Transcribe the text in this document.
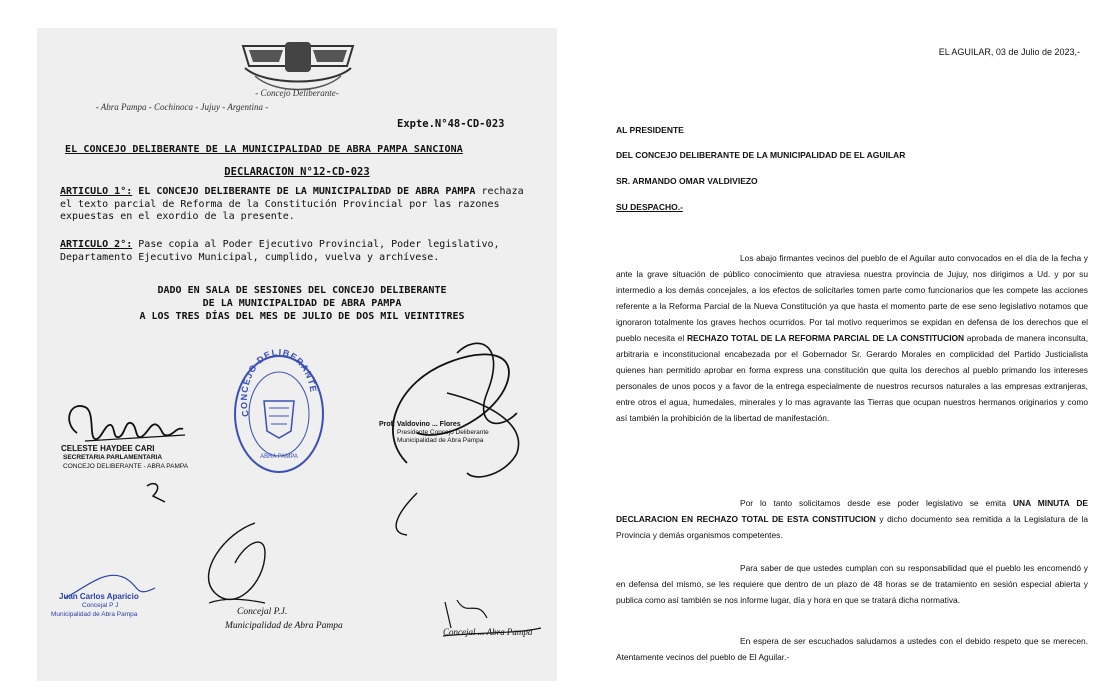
- Concejo Deliberante-
- Abra Pampa - Cochinoca - Jujuy - Argentina -
Expte.N°48-CD-023
EL CONCEJO DELIBERANTE DE LA MUNICIPALIDAD DE ABRA PAMPA SANCIONA
DECLARACION N°12-CD-023
ARTICULO 1°: EL CONCEJO DELIBERANTE DE LA MUNICIPALIDAD DE ABRA PAMPA rechaza el texto parcial de Reforma de la Constitución Provincial por las razones expuestas en el exordio de la presente.
ARTICULO 2°: Pase copia al Poder Ejecutivo Provincial, Poder legislativo, Departamento Ejecutivo Municipal, cumplido, vuelva y archívese.
DADO EN SALA DE SESIONES DEL CONCEJO DELIBERANTE
DE LA MUNICIPALIDAD DE ABRA PAMPA
A LOS TRES DÍAS DEL MES DE JULIO DE DOS MIL VEINTITRES
CONCEJO DELIBERANTE
ABRA PAMPA
CELESTE HAYDEE CARI
SECRETARIA PARLAMENTARIA
CONCEJO DELIBERANTE - ABRA PAMPA
Prof. Valdovino ... Flores
Presidente Concejo Deliberante
Municipalidad de Abra Pampa
Juan Carlos Aparicio
Concejal P J
Municipalidad de Abra Pampa	Concejal P.J.
Municipalidad de Abra Pampa
Concejal ... Abra Pampa
EL AGUILAR, 03 de Julio de 2023,-
AL PRESIDENTE
DEL CONCEJO DELIBERANTE DE LA MUNICIPALIDAD DE EL AGUILAR
SR. ARMANDO OMAR VALDIVIEZO
SU DESPACHO.-
Los abajo firmantes vecinos del pueblo de el Aguilar auto convocados en el día de la fecha y ante la grave situación de público conocimiento que atraviesa nuestra provincia de Jujuy, nos dirigimos a Ud. y por su intermedio a los demás concejales, a los efectos de solicitarles tomen parte como funcionarios que les compete las acciones referente a la Reforma Parcial de la Nueva Constitución ya que hasta el momento parte de ese seno legislativo notamos que ignoraron totalmente los graves hechos ocurridos. Por tal motivo requerimos se expidan en defensa de los derechos que el pueblo necesita el RECHAZO TOTAL DE LA REFORMA PARCIAL DE LA CONSTITUCION aprobada de manera inconsulta, arbitraria e inconstitucional encabezada por el Gobernador Sr. Gerardo Morales en complicidad del Partido Justicialista quienes han permitido aprobar en forma express una constitución que quita los derechos al pueblo primando los intereses personales de unos pocos y a favor de la entrega especialmente de nuestros recursos naturales a las empresas extranjeras, entre otros el agua, humedales, minerales y lo mas agravante las Tierras que ocupan nuestros hermanos originarios y como así también la prohibición de la libertad de manifestación.
Por lo tanto solicitamos desde ese poder legislativo se emita UNA MINUTA DE DECLARACION EN RECHAZO TOTAL DE ESTA CONSTITUCION y dicho documento sea remitida a la Legislatura de la Provincia y demás organismos competentes.
Para saber de que ustedes cumplan con su responsabilidad que el pueblo les encomendó y en defensa del mismo, se les requiere que dentro de un plazo de 48 horas se de tratamiento en sesión especial abierta y publica como así también se nos informe lugar, día y hora en que se tratará dicha normativa.
En espera de ser escuchados saludamos a ustedes con el debido respeto que se merecen. Atentamente vecinos del pueblo de El Aguilar.-
